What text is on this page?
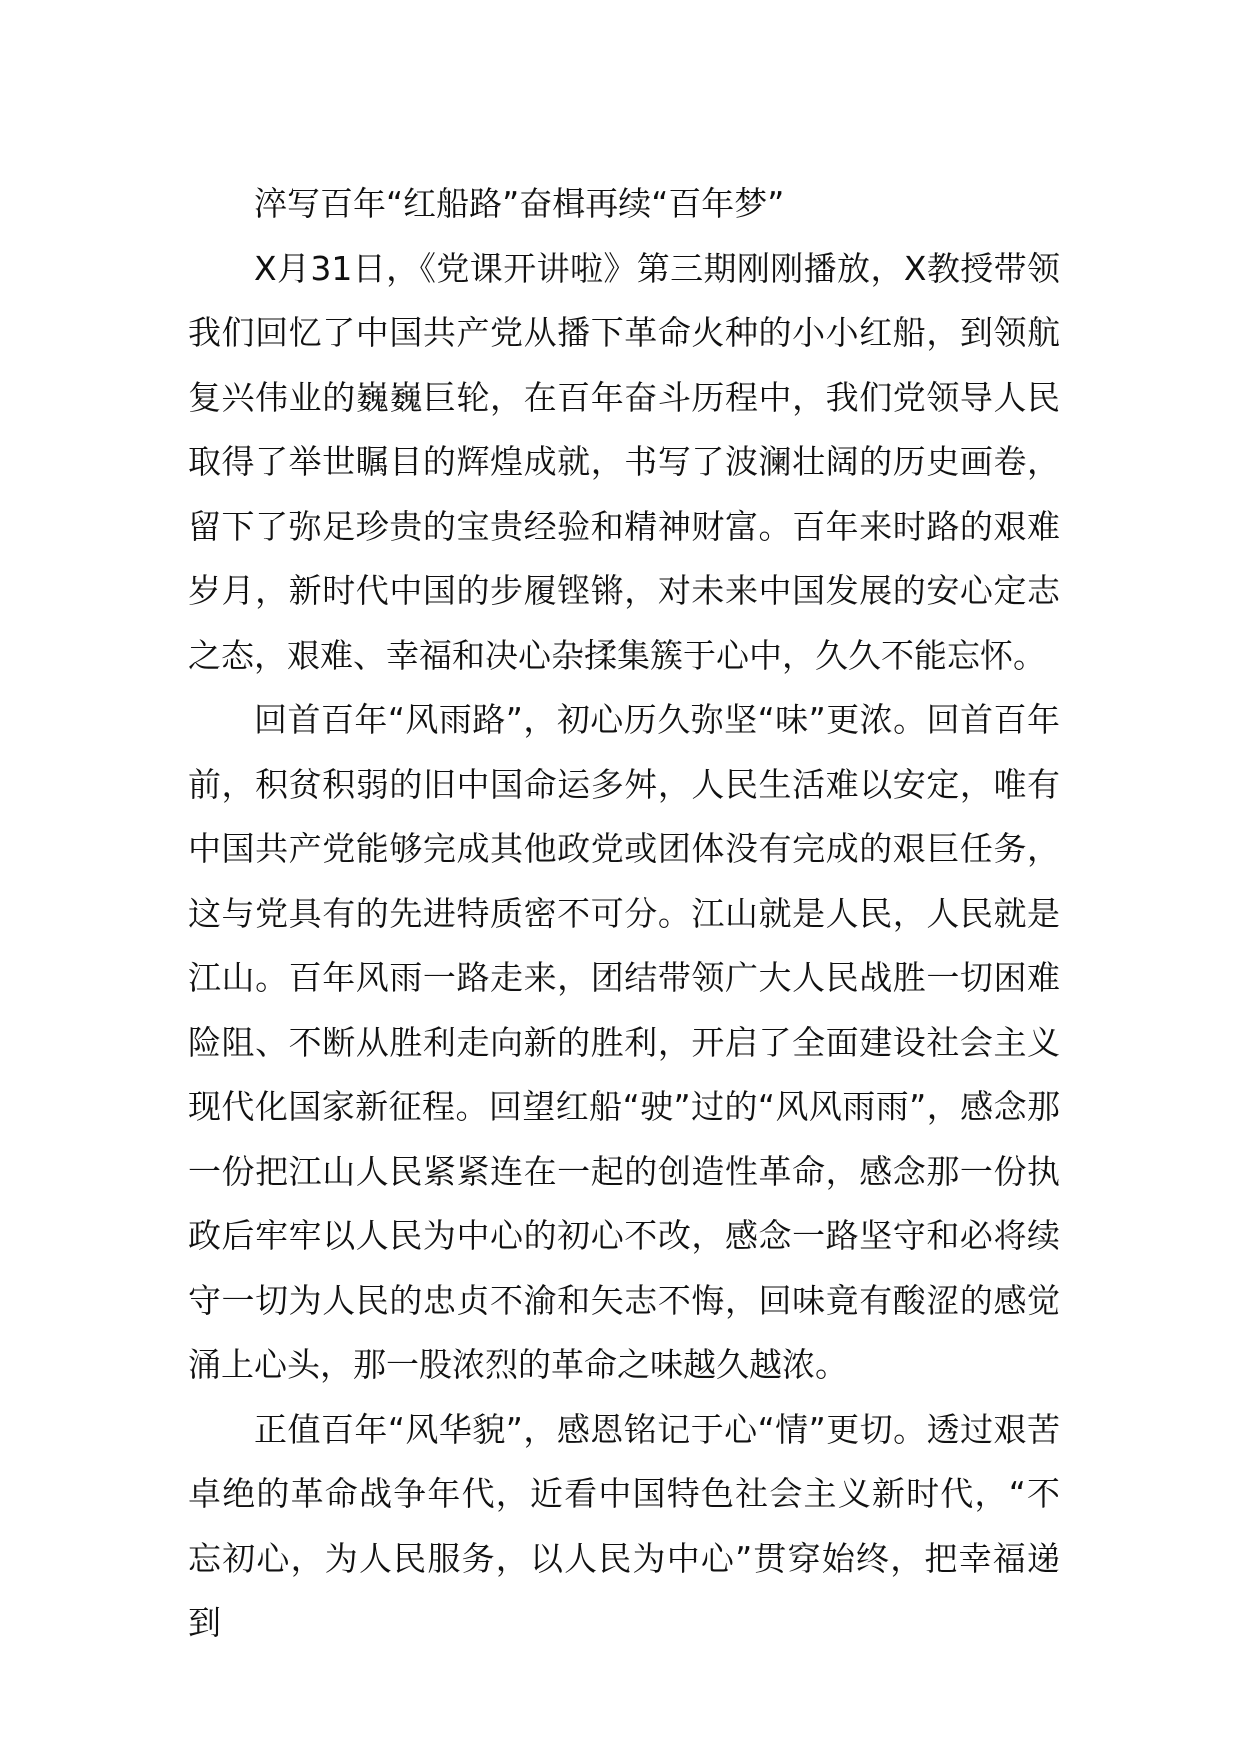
淬写百年“红船路”奋楫再续“百年梦”

X月31日，《党课开讲啦》第三期刚刚播放，X教授带领我们回忆了中国共产党从播下革命火种的小小红船，到领航复兴伟业的巍巍巨轮，在百年奋斗历程中，我们党领导人民取得了举世瞩目的辉煌成就，书写了波澜壮阔的历史画卷，留下了弥足珍贵的宝贵经验和精神财富。百年来时路的艰难岁月，新时代中国的步履铿锵，对未来中国发展的安心定志之态，艰难、幸福和决心杂揉集簇于心中，久久不能忘怀。

回首百年“风雨路”，初心历久弥坚“味”更浓。回首百年前，积贫积弱的旧中国命运多舛，人民生活难以安定，唯有中国共产党能够完成其他政党或团体没有完成的艰巨任务，这与党具有的先进特质密不可分。江山就是人民，人民就是江山。百年风雨一路走来，团结带领广大人民战胜一切困难险阻、不断从胜利走向新的胜利，开启了全面建设社会主义现代化国家新征程。回望红船“驶”过的“风风雨雨”，感念那一份把江山人民紧紧连在一起的创造性革命，感念那一份执政后牢牢以人民为中心的初心不改，感念一路坚守和必将续守一切为人民的忠贞不渝和矢志不悔，回味竟有酸涩的感觉涌上心头，那一股浓烈的革命之味越久越浓。

正值百年“风华貌”，感恩铭记于心“情”更切。透过艰苦卓绝的革命战争年代，近看中国特色社会主义新时代，“不忘初心，为人民服务，以人民为中心”贯穿始终，把幸福递到
